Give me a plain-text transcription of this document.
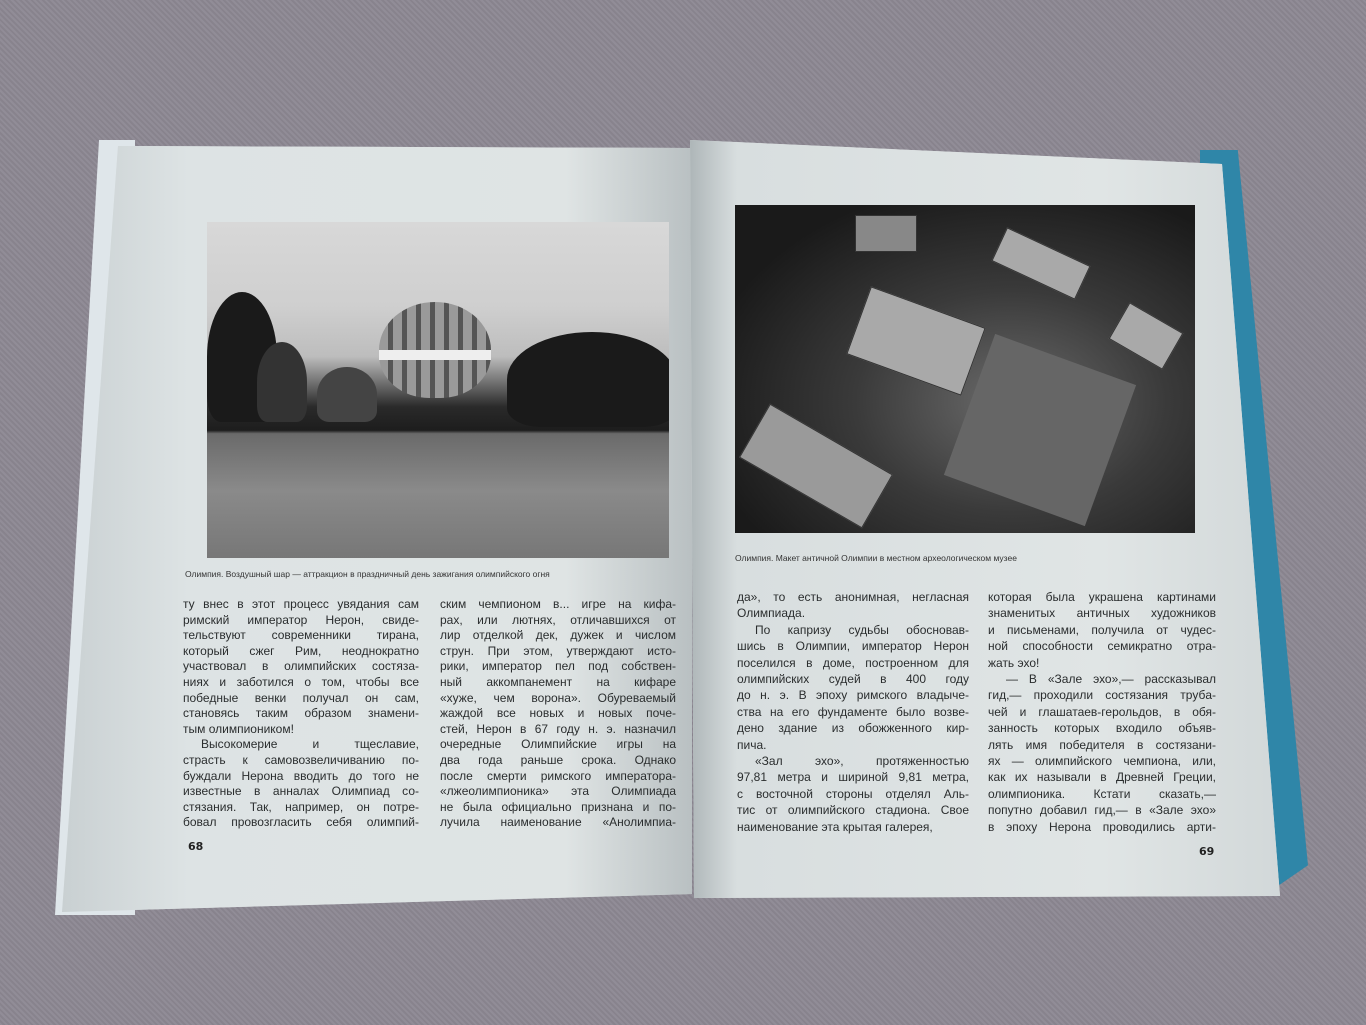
Олимпия. Воздушный шар — аттракцион в праздничный день зажигания олимпийского огня
Олимпия. Макет античной Олимпии в местном археологическом музее
ту внес в этот процесс увядания сам
римский император Нерон, свиде-
тельствуют современники тирана,
который сжег Рим, неоднократно
участвовал в олимпийских состяза-
ниях и заботился о том, чтобы все
победные венки получал он сам,
становясь таким образом знамени-
тым олимпиоником!
Высокомерие и тщеславие,
страсть к самовозвеличиванию по-
буждали Нерона вводить до того не
известные в анналах Олимпиад со-
стязания. Так, например, он потре-
бовал провозгласить себя олимпий-
ским чемпионом в... игре на кифа-
рах, или лютнях, отличавшихся от
лир отделкой дек, дужек и числом
струн. При этом, утверждают исто-
рики, император пел под собствен-
ный аккомпанемент на кифаре
«хуже, чем ворона». Обуреваемый
жаждой все новых и новых поче-
стей, Нерон в 67 году н. э. назначил
очередные Олимпийские игры на
два года раньше срока. Однако
после смерти римского императора-
«лжеолимпионика» эта Олимпиада
не была официально признана и по-
лучила наименование «Анолимпиа-
да», то есть анонимная, негласная
Олимпиада.
По капризу судьбы обосновав-
шись в Олимпии, император Нерон
поселился в доме, построенном для
олимпийских судей в 400 году
до н. э. В эпоху римского владыче-
ства на его фундаменте было возве-
дено здание из обожженного кир-
пича.
«Зал эхо», протяженностью
97,81 метра и шириной 9,81 метра,
с восточной стороны отделял Аль-
тис от олимпийского стадиона. Свое
наименование эта крытая галерея,
которая была украшена картинами
знаменитых античных художников
и письменами, получила от чудес-
ной способности семикратно отра-
жать эхо!
— В «Зале эхо»,— рассказывал
гид,— проходили состязания трубa-
чей и глашатаев-герольдов, в обя-
занность которых входило объяв-
лять имя победителя в состязани-
ях — олимпийского чемпиона, или,
как их называли в Древней Греции,
олимпионика. Кстати сказать,—
попутно добавил гид,— в «Зале эхо»
в эпоху Нерона проводились арти-
68	69
